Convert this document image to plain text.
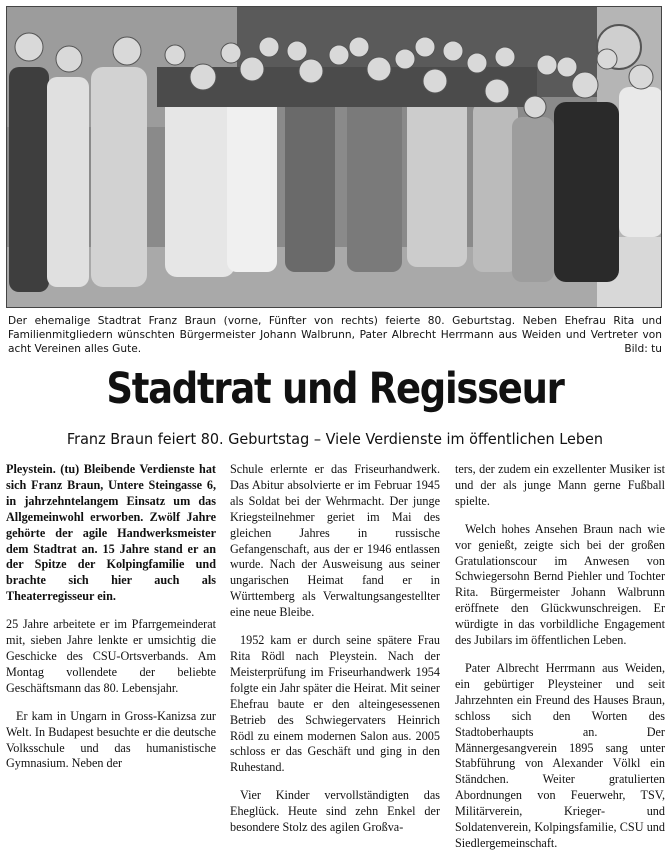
Der ehemalige Stadtrat Franz Braun (vorne, Fünfter von rechts) feierte 80. Geburtstag. Neben Ehefrau Rita und Familienmitgliedern wünschten Bürgermeister Johann Walbrunn, Pater Albrecht Herrmann aus Weiden und Vertreter von acht Vereinen alles Gute.	Bild: tu
Stadtrat und Regisseur
Franz Braun feiert 80. Geburtstag – Viele Verdienste im öffentlichen Leben

Pleystein. (tu) Bleibende Verdienste hat sich Franz Braun, Untere Steingasse 6, in jahrzehntelangem Einsatz um das Allgemeinwohl erworben. Zwölf Jahre gehörte der agile Handwerksmeister dem Stadtrat an. 15 Jahre stand er an der Spitze der Kolpingfamilie und brachte sich hier auch als Theaterregisseur ein.

25 Jahre arbeitete er im Pfarrgemeinderat mit, sieben Jahre lenkte er umsichtig die Geschicke des CSU-Ortsverbands. Am Montag vollendete der beliebte Geschäftsmann das 80. Lebensjahr.

Er kam in Ungarn in Gross-Kanizsa zur Welt. In Budapest besuchte er die deutsche Volksschule und das humanistische Gymnasium. Neben der

Schule erlernte er das Friseurhandwerk. Das Abitur absolvierte er im Februar 1945 als Soldat bei der Wehrmacht. Der junge Kriegsteilnehmer geriet im Mai des gleichen Jahres in russische Gefangenschaft, aus der er 1946 entlassen wurde. Nach der Ausweisung aus seiner ungarischen Heimat fand er in Württemberg als Verwaltungsangestellter eine neue Bleibe.

1952 kam er durch seine spätere Frau Rita Rödl nach Pleystein. Nach der Meisterprüfung im Friseurhandwerk 1954 folgte ein Jahr später die Heirat. Mit seiner Ehefrau baute er den alteingesessenen Betrieb des Schwiegervaters Heinrich Rödl zu einem modernen Salon aus. 2005 schloss er das Geschäft und ging in den Ruhestand.

Vier Kinder vervollständigten das Eheglück. Heute sind zehn Enkel der besondere Stolz des agilen Großva-

ters, der zudem ein exzellenter Musiker ist und der als junge Mann gerne Fußball spielte.

Welch hohes Ansehen Braun nach wie vor genießt, zeigte sich bei der großen Gratulationscour im Anwesen von Schwiegersohn Bernd Piehler und Tochter Rita. Bürgermeister Johann Walbrunn eröffnete den Glückwunschreigen. Er würdigte in das vorbildliche Engagement des Jubilars im öffentlichen Leben.

Pater Albrecht Herrmann aus Weiden, ein gebürtiger Pleysteiner und seit Jahrzehnten ein Freund des Hauses Braun, schloss sich den Worten des Stadtoberhaupts an. Der Männergesangverein 1895 sang unter Stabführung von Alexander Völkl ein Ständchen. Weiter gratulierten Abordnungen von Feuerwehr, TSV, Militärverein, Krieger- und Soldatenverein, Kolpingsfamilie, CSU und Siedlergemeinschaft.
